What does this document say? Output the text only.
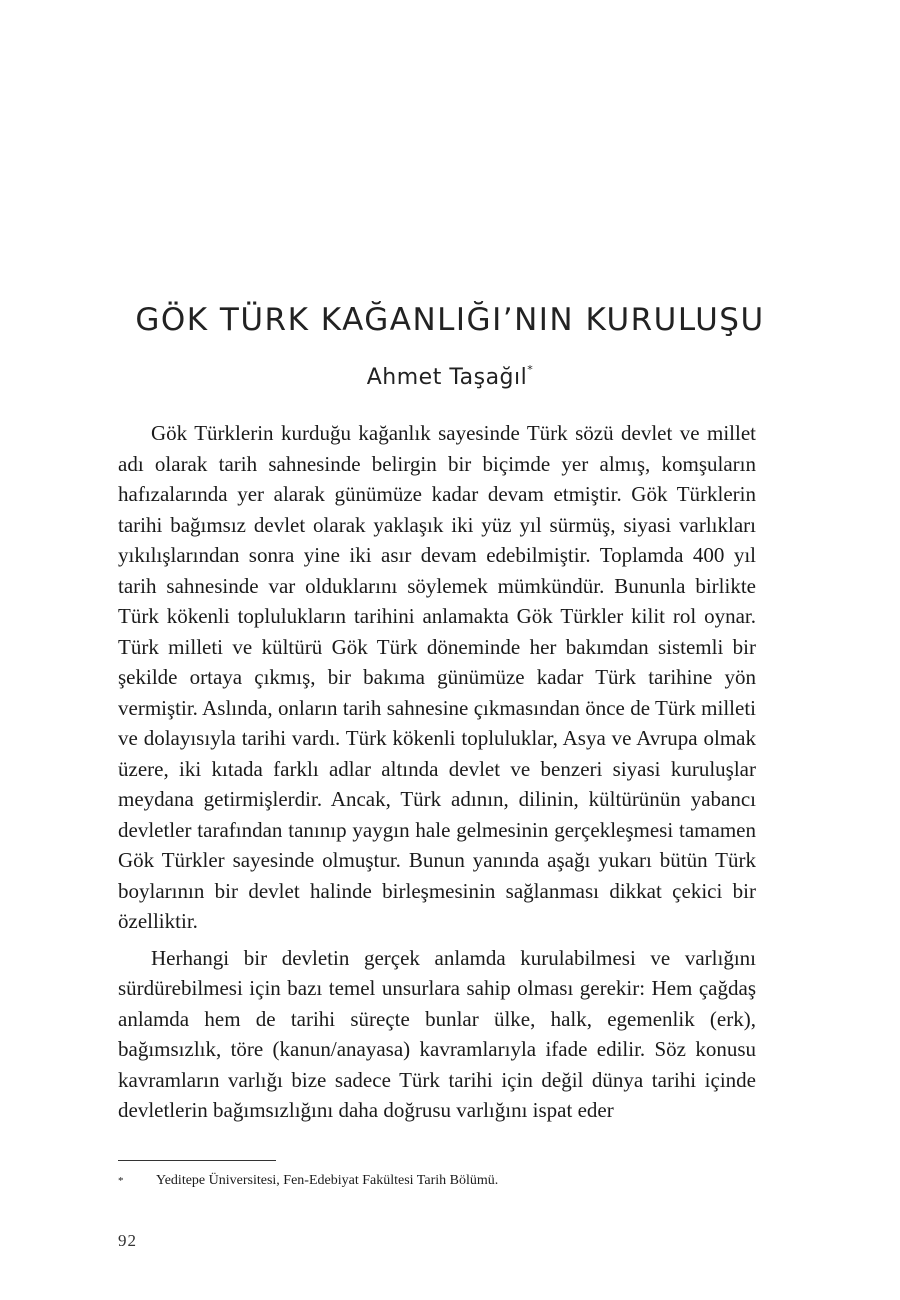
GÖK TÜRK KAĞANLIĞI’NIN KURULUŞU
Ahmet Taşağıl*

Gök Türklerin kurduğu kağanlık sayesinde Türk sözü devlet ve millet adı olarak tarih sahnesinde belirgin bir biçimde yer almış, komşuların hafızalarında yer alarak günümüze kadar devam etmiştir. Gök Türklerin tarihi bağımsız devlet olarak yaklaşık iki yüz yıl sürmüş, siyasi varlıkları yıkılışlarından sonra yine iki asır devam edebilmiştir. Toplamda 400 yıl tarih sahnesinde var olduklarını söylemek mümkündür. Bununla birlikte Türk kökenli toplulukların tarihini anlamakta Gök Türkler kilit rol oynar. Türk milleti ve kültürü Gök Türk döneminde her bakımdan sistemli bir şekilde ortaya çıkmış, bir bakıma günümüze kadar Türk tarihine yön vermiştir. Aslında, onların tarih sahnesine çıkmasından önce de Türk milleti ve dolayısıyla tarihi vardı. Türk kökenli topluluklar, Asya ve Avrupa olmak üzere, iki kıtada farklı adlar altında devlet ve benzeri siyasi kuruluşlar meydana getirmişlerdir. Ancak, Türk adının, dilinin, kültürünün yabancı devletler tarafından tanınıp yaygın hale gelmesinin gerçekleşmesi tamamen Gök Türkler sayesinde olmuştur. Bunun yanında aşağı yukarı bütün Türk boylarının bir devlet halinde birleşmesinin sağlanması dikkat çekici bir özelliktir.

Herhangi bir devletin gerçek anlamda kurulabilmesi ve varlığını sürdürebilmesi için bazı temel unsurlara sahip olması gerekir: Hem çağdaş anlamda hem de tarihi süreçte bunlar ülke, halk, egemenlik (erk), bağımsızlık, töre (kanun/anayasa) kavramlarıyla ifade edilir. Söz konusu kavramların varlığı bize sadece Türk tarihi için değil dünya tarihi içinde devletlerin bağımsızlığını daha doğrusu varlığını ispat eder

* Yeditepe Üniversitesi, Fen-Edebiyat Fakültesi Tarih Bölümü.
92
